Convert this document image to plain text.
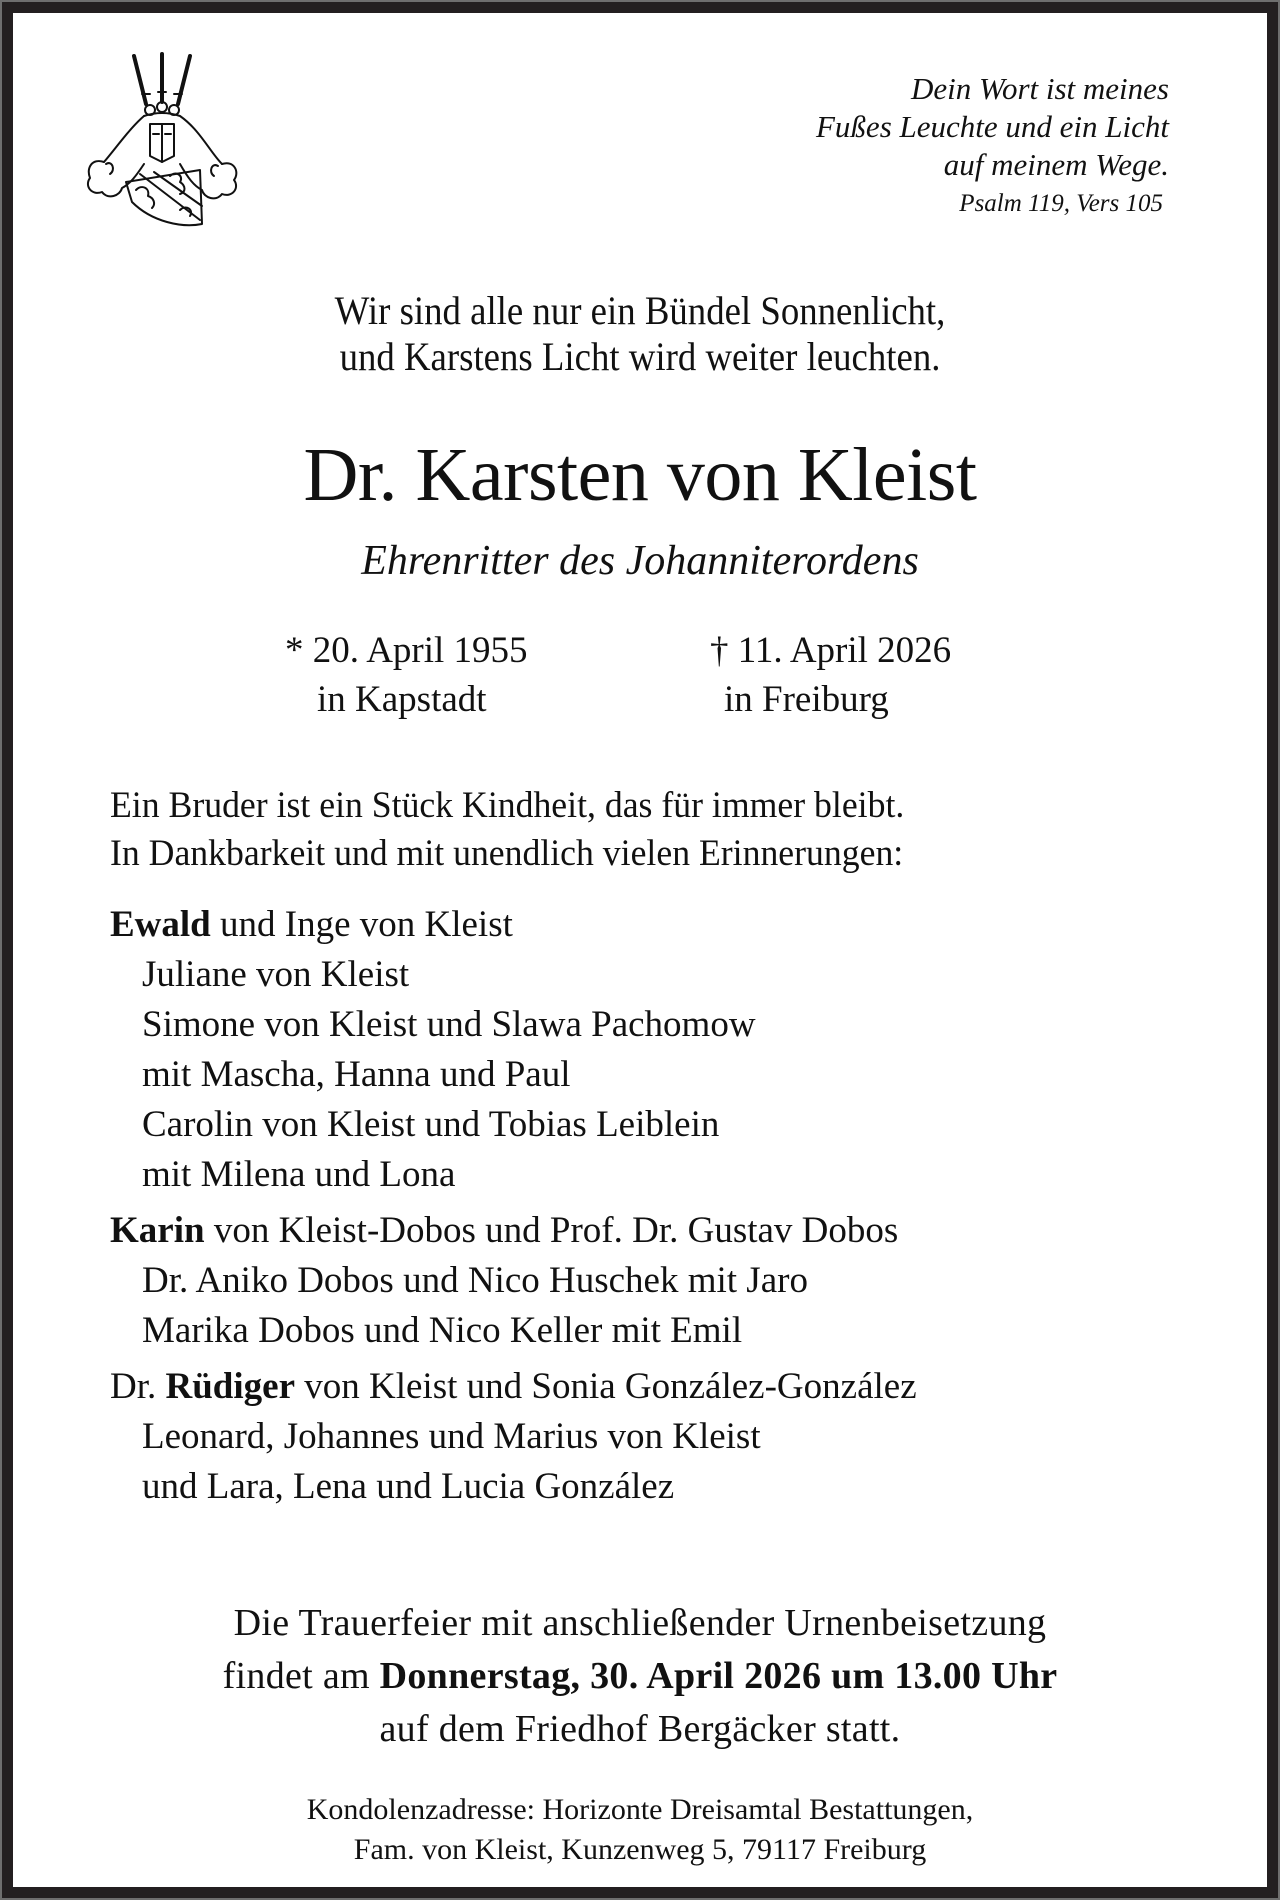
Dein Wort ist meines
Fußes Leuchte und ein Licht
auf meinem Wege.
Psalm 119, Vers 105
Wir sind alle nur ein Bündel Sonnenlicht,
und Karstens Licht wird weiter leuchten.
Dr. Karsten von Kleist
Ehrenritter des Johanniterordens
* 20. April 1955
in Kapstadt
† 11. April 2026
in Freiburg
Ein Bruder ist ein Stück Kindheit, das für immer bleibt.
In Dankbarkeit und mit unendlich vielen Erinnerungen:
Ewald und Inge von Kleist
Juliane von Kleist
Simone von Kleist und Slawa Pachomow
mit Mascha, Hanna und Paul
Carolin von Kleist und Tobias Leiblein
mit Milena und Lona
Karin von Kleist-Dobos und Prof. Dr. Gustav Dobos
Dr. Aniko Dobos und Nico Huschek mit Jaro
Marika Dobos und Nico Keller mit Emil
Dr. Rüdiger von Kleist und Sonia González-González
Leonard, Johannes und Marius von Kleist
und Lara, Lena und Lucia González
Die Trauerfeier mit anschließender Urnenbeisetzung
findet am Donnerstag, 30. April 2026 um 13.00 Uhr
auf dem Friedhof Bergäcker statt.
Kondolenzadresse: Horizonte Dreisamtal Bestattungen,
Fam. von Kleist, Kunzenweg 5, 79117 Freiburg
